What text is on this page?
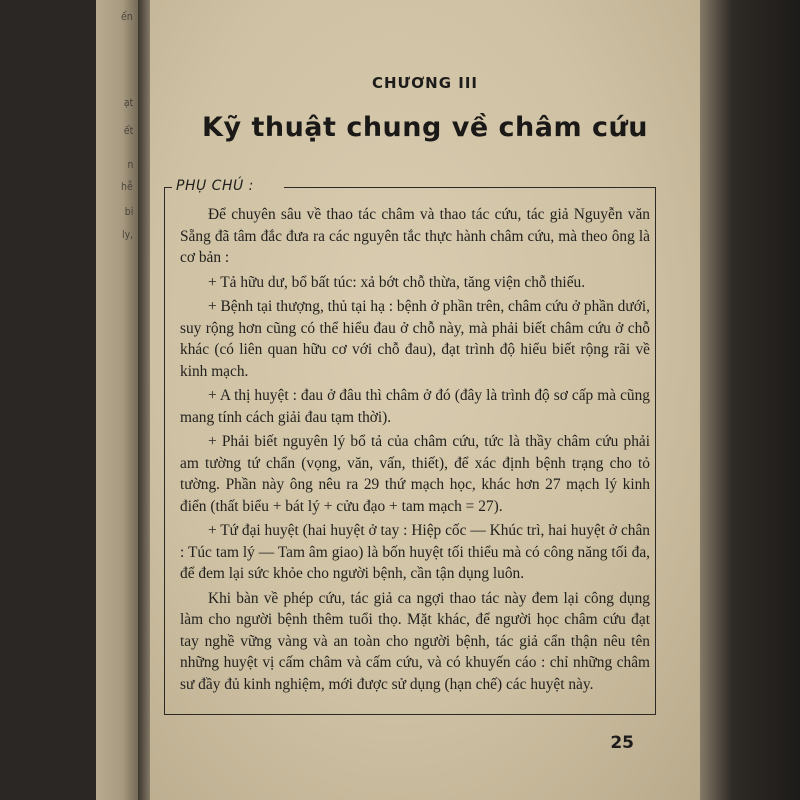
ến
ạt
ết
n
hễ
bi
ly,
CHƯƠNG III
Kỹ thuật chung về châm cứu
PHỤ CHÚ :

Để chuyên sâu về thao tác châm và thao tác cứu, tác giả Nguyễn văn Sẵng đã tâm đắc đưa ra các nguyên tắc thực hành châm cứu, mà theo ông là cơ bản :

+ Tả hữu dư, bổ bất túc: xả bớt chỗ thừa, tăng viện chỗ thiếu.

+ Bệnh tại thượng, thủ tại hạ : bệnh ở phần trên, châm cứu ở phần dưới, suy rộng hơn cũng có thể hiểu đau ở chỗ này, mà phải biết châm cứu ở chỗ khác (có liên quan hữu cơ với chỗ đau), đạt trình độ hiểu biết rộng rãi về kinh mạch.

+ A thị huyệt : đau ở đâu thì châm ở đó (đây là trình độ sơ cấp mà cũng mang tính cách giải đau tạm thời).

+ Phải biết nguyên lý bổ tả của châm cứu, tức là thầy châm cứu phải am tường tứ chẩn (vọng, văn, vấn, thiết), để xác định bệnh trạng cho tỏ tường. Phần này ông nêu ra 29 thứ mạch học, khác hơn 27 mạch lý kinh điển (thất biểu + bát lý + cửu đạo + tam mạch = 27).

+ Tứ đại huyệt (hai huyệt ở tay : Hiệp cốc — Khúc trì, hai huyệt ở chân : Túc tam lý — Tam âm giao) là bốn huyệt tối thiểu mà có công năng tối đa, để đem lại sức khỏe cho người bệnh, cần tận dụng luôn.

Khi bàn về phép cứu, tác giả ca ngợi thao tác này đem lại công dụng làm cho người bệnh thêm tuổi thọ. Mặt khác, để người học châm cứu đạt tay nghề vững vàng và an toàn cho người bệnh, tác giả cẩn thận nêu tên những huyệt vị cấm châm và cấm cứu, và có khuyến cáo : chỉ những châm sư đầy đủ kinh nghiệm, mới được sử dụng (hạn chế) các huyệt này.

25
